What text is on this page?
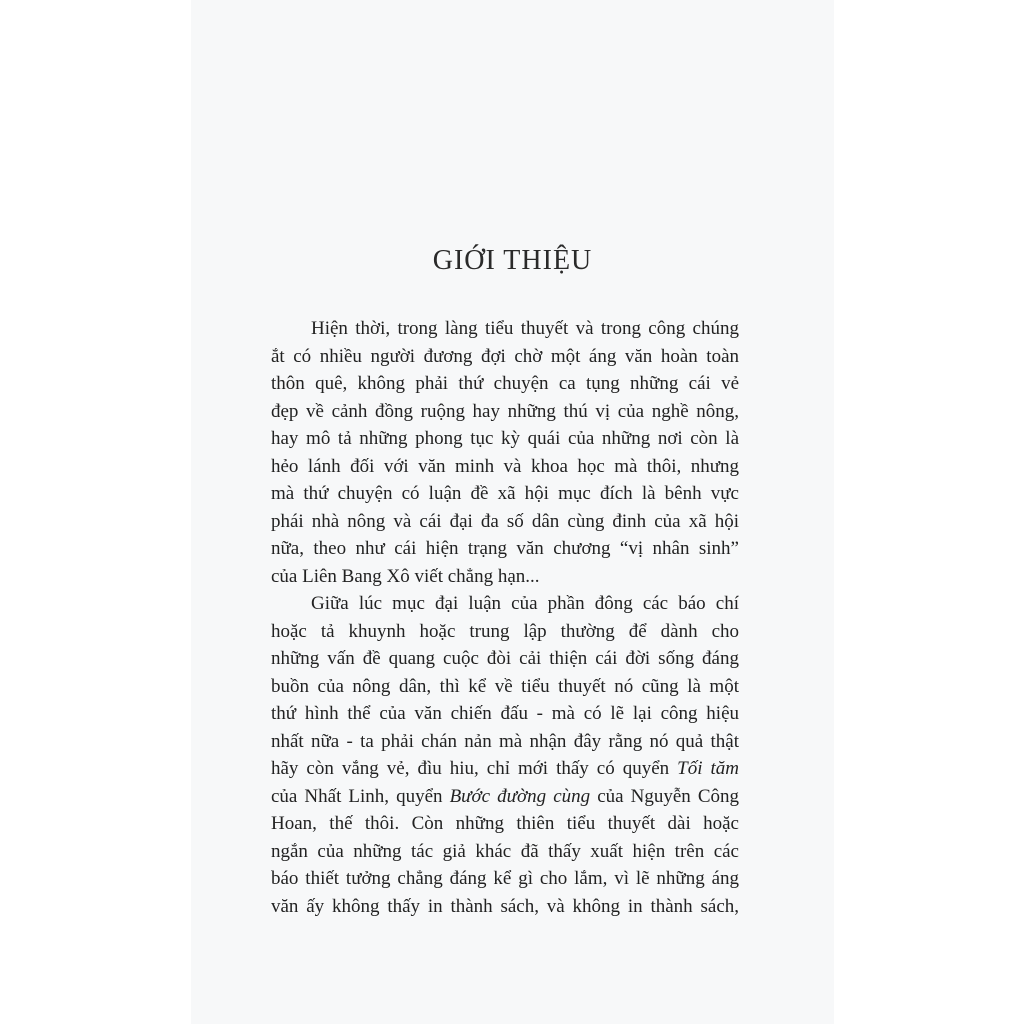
GIỚI THIỆU
Hiện thời, trong làng tiểu thuyết và trong công chúng
ắt có nhiều người đương đợi chờ một áng văn hoàn toàn
thôn quê, không phải thứ chuyện ca tụng những cái vẻ
đẹp về cảnh đồng ruộng hay những thú vị của nghề nông,
hay mô tả những phong tục kỳ quái của những nơi còn là
hẻo lánh đối với văn minh và khoa học mà thôi, nhưng
mà thứ chuyện có luận đề xã hội mục đích là bênh vực
phái nhà nông và cái đại đa số dân cùng đinh của xã hội
nữa, theo như cái hiện trạng văn chương “vị nhân sinh”
của Liên Bang Xô viết chẳng hạn...
Giữa lúc mục đại luận của phần đông các báo chí
hoặc tả khuynh hoặc trung lập thường để dành cho
những vấn đề quang cuộc đòi cải thiện cái đời sống đáng
buồn của nông dân, thì kể về tiểu thuyết nó cũng là một
thứ hình thể của văn chiến đấu - mà có lẽ lại công hiệu
nhất nữa - ta phải chán nản mà nhận đây rằng nó quả thật
hãy còn vắng vẻ, đìu hiu, chỉ mới thấy có quyển Tối tăm
của Nhất Linh, quyển Bước đường cùng của Nguyễn Công
Hoan, thế thôi. Còn những thiên tiểu thuyết dài hoặc
ngắn của những tác giả khác đã thấy xuất hiện trên các
báo thiết tưởng chẳng đáng kể gì cho lắm, vì lẽ những áng
văn ấy không thấy in thành sách, và không in thành sách,
